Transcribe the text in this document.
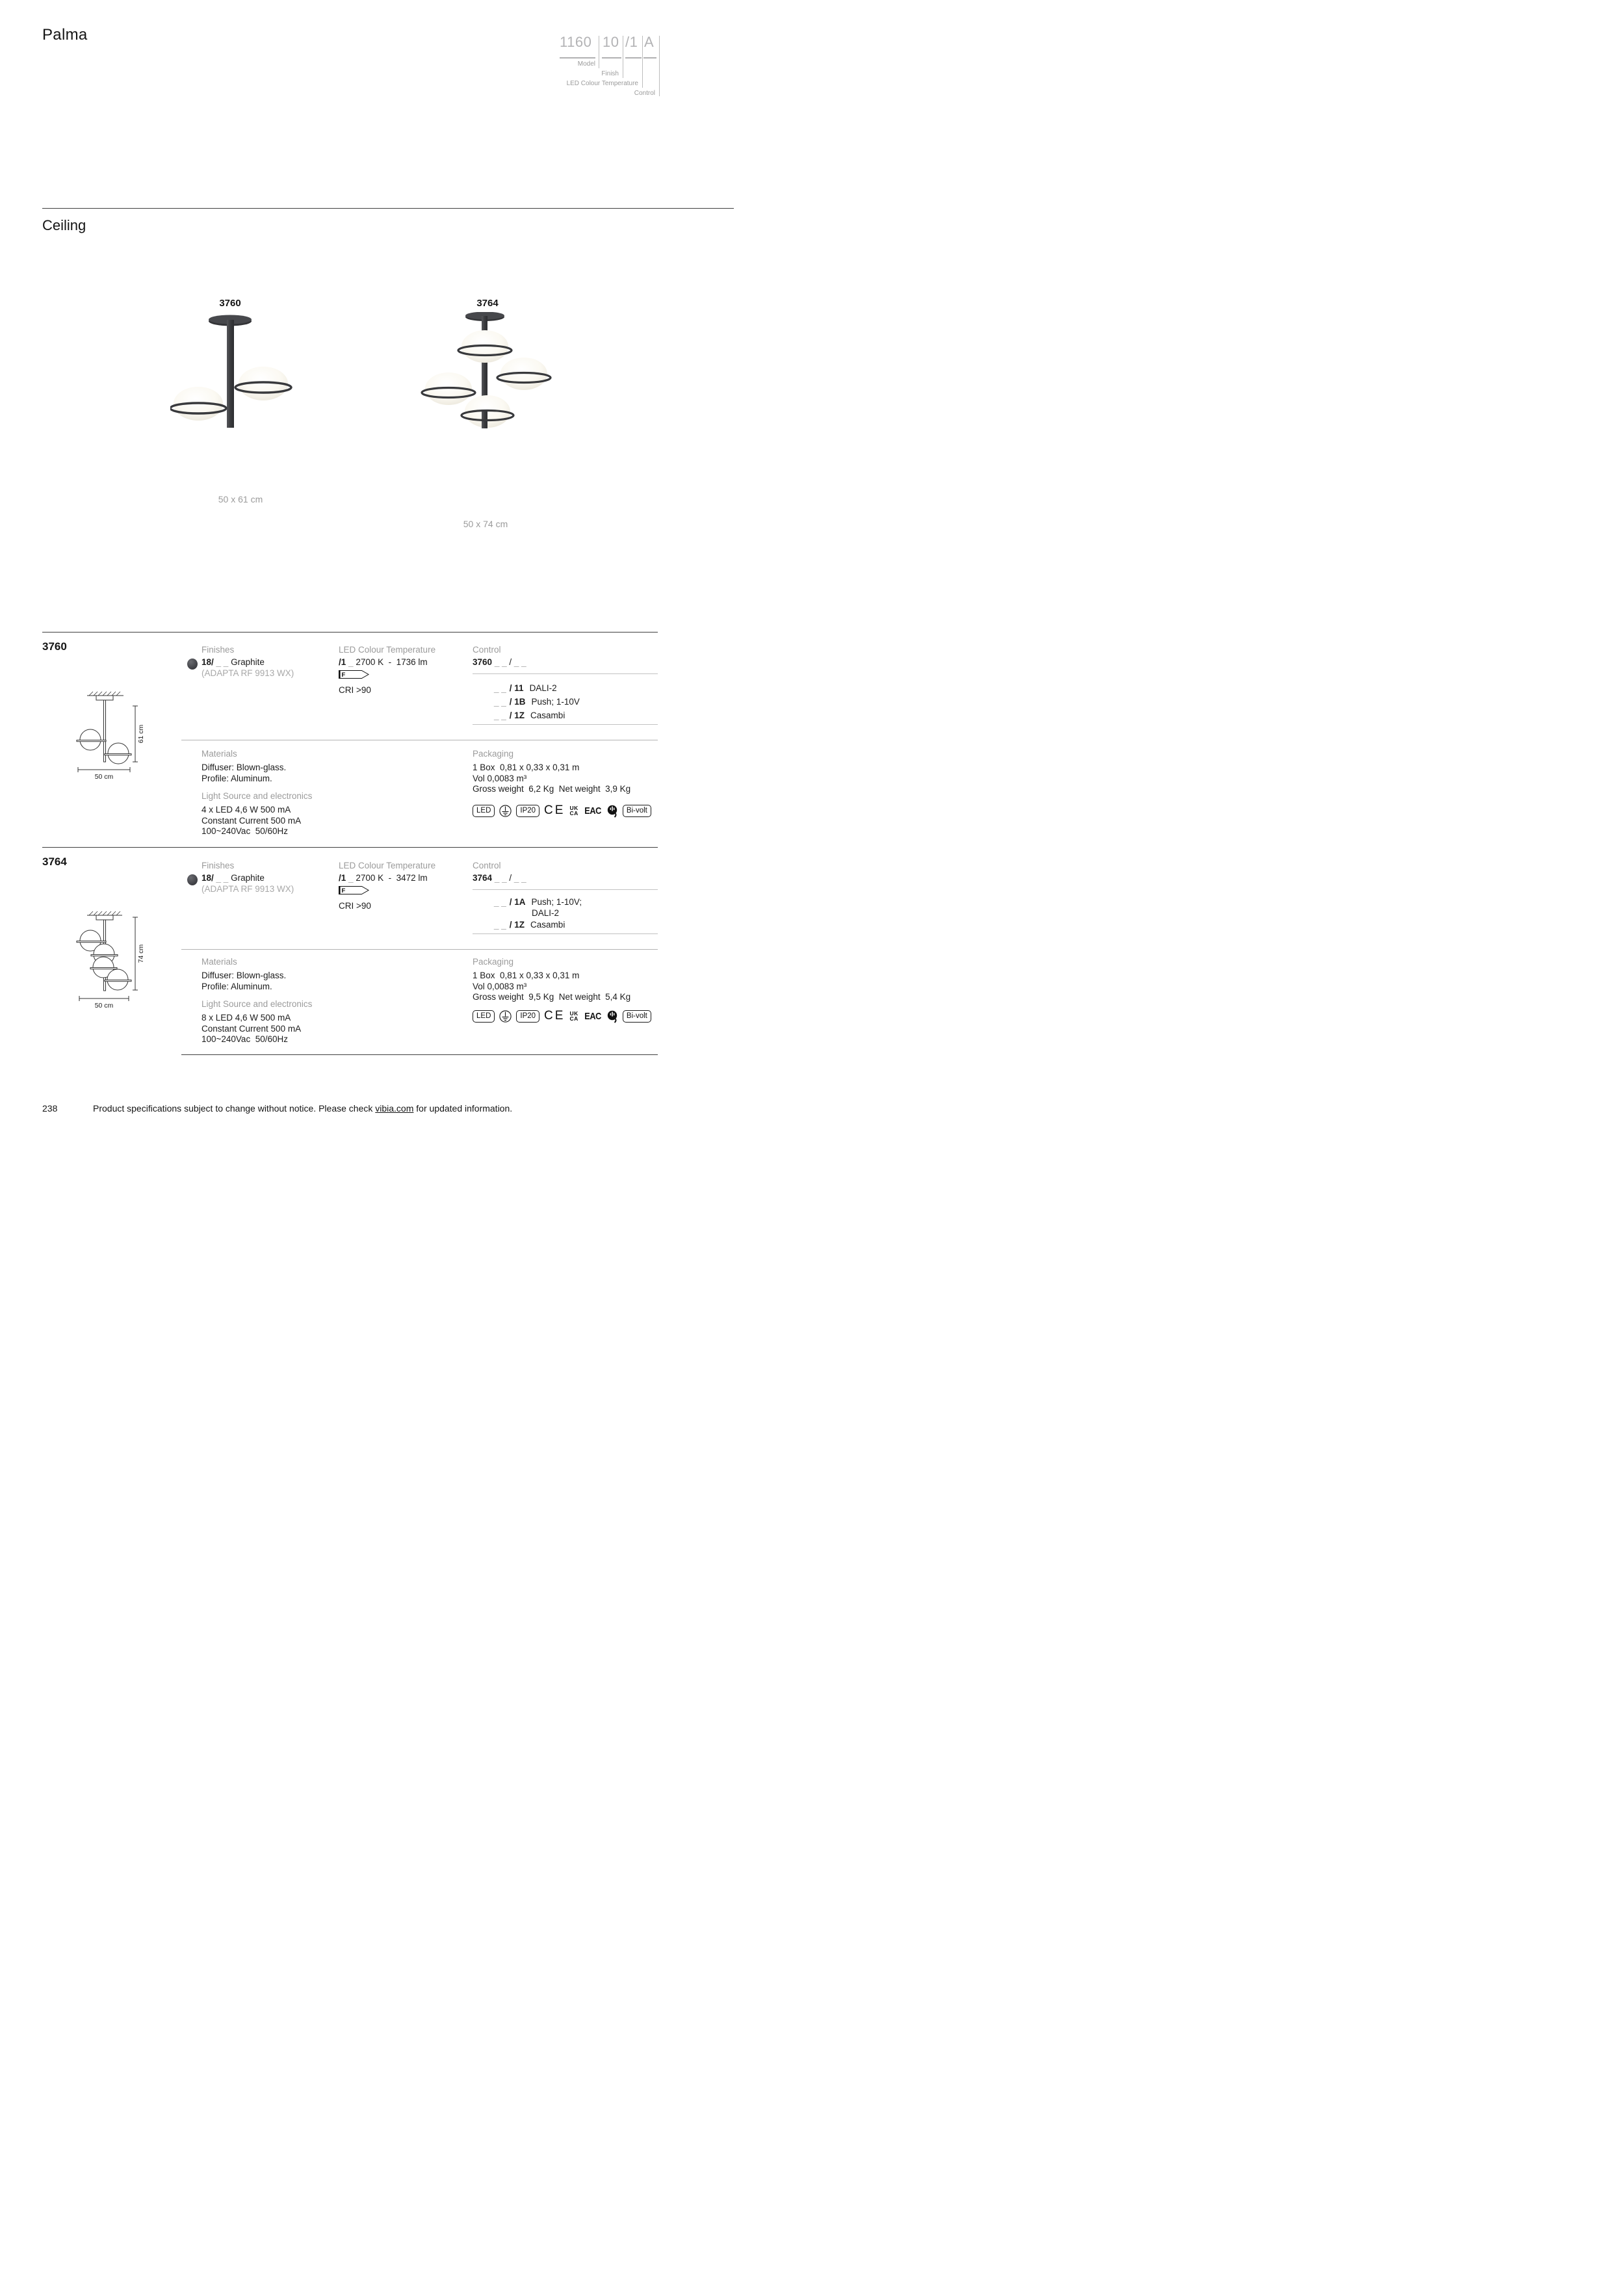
Palma	1160 10 /1 A
Model
Finish
LED Colour Temperature
Control
Ceiling
3760
50 x 61 cm
3764
50 x 74 cm
3760
61 cm
50 cm
Finishes
18/ _ _ Graphite
(ADAPTA RF 9913 WX)
LED Colour Temperature
/1 _ 2700 K  -  1736 lm
F
CRI >90
Control
3760 _ _ / _ _
_ _ / 11 DALI-2
_ _ / 1B Push; 1-10V
_ _ / 1Z Casambi
Materials
Diffuser: Blown-glass.
Profile: Aluminum.
Light Source and electronics
4 x LED 4,6 W 500 mA
Constant Current 500 mA
100~240Vac  50/60Hz
Packaging
1 Box  0,81 x 0,33 x 0,31 m
Vol 0,0083 m³
Gross weight  6,2 Kg  Net weight  3,9 Kg
LED	IP20 CE UK
CA EAC	Bi-volt
3764
74 cm
50 cm
Finishes
18/ _ _ Graphite
(ADAPTA RF 9913 WX)
LED Colour Temperature
/1 _ 2700 K  -  3472 lm
F
CRI >90
Control
3764 _ _ / _ _
_ _ / 1A Push; 1-10V;
DALI-2
_ _ / 1Z Casambi
Materials
Diffuser: Blown-glass.
Profile: Aluminum.
Light Source and electronics
8 x LED 4,6 W 500 mA
Constant Current 500 mA
100~240Vac  50/60Hz
Packaging
1 Box  0,81 x 0,33 x 0,31 m
Vol 0,0083 m³
Gross weight  9,5 Kg  Net weight  5,4 Kg
LED	IP20 CE UK
CA EAC	Bi-volt
238	Product specifications subject to change without notice. Please check vibia.com for updated information.
